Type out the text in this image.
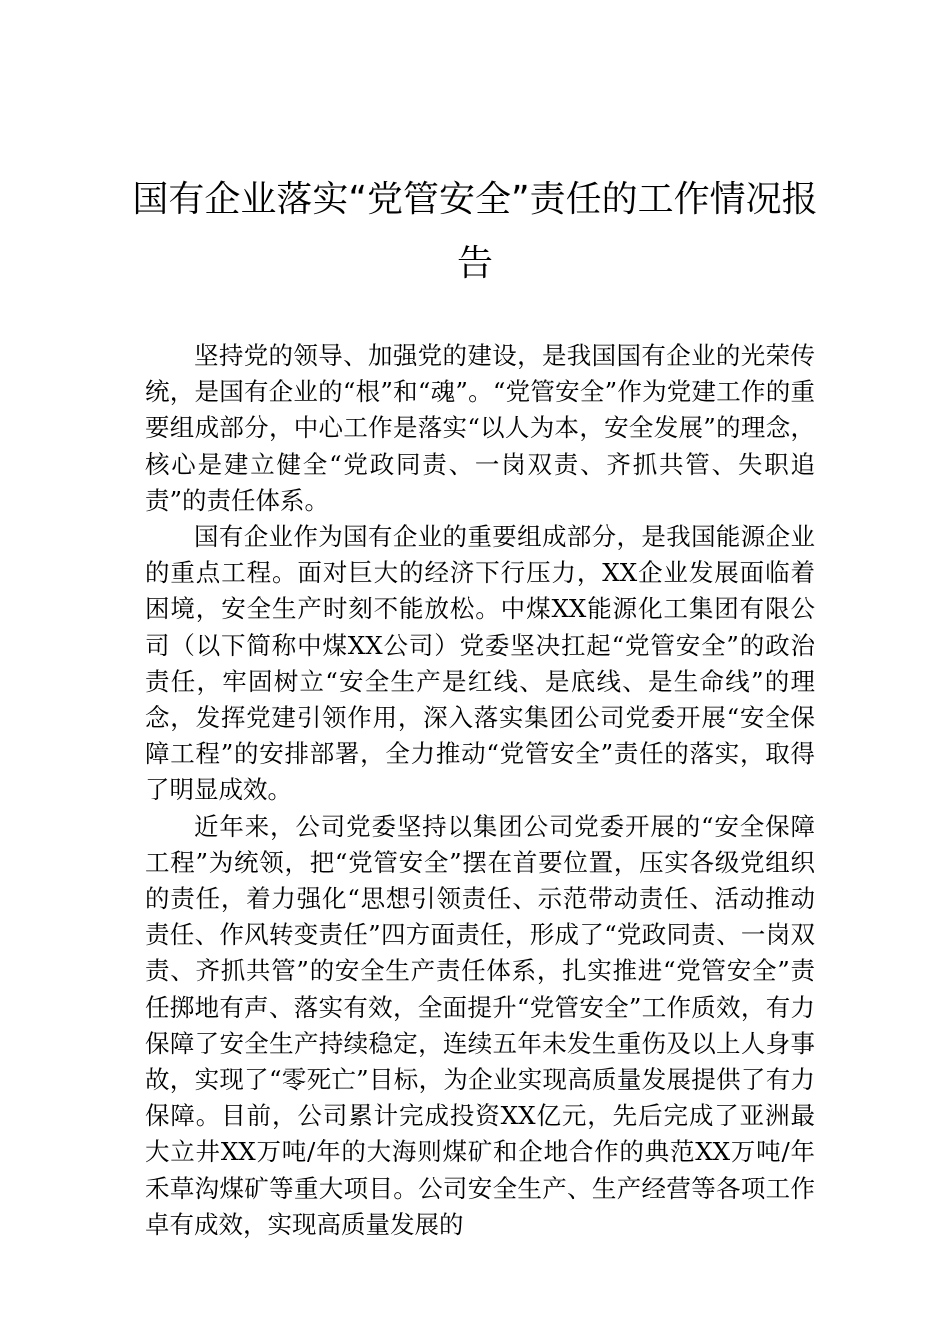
国有企业落实“党管安全”责任的工作情况报
告

坚持党的领导、加强党的建设，是我国国有企业的光荣传统，是国有企业的“根”和“魂”。“党管安全”作为党建工作的重要组成部分，中心工作是落实“以人为本，安全发展”的理念，核心是建立健全“党政同责、一岗双责、齐抓共管、失职追责”的责任体系。

国有企业作为国有企业的重要组成部分，是我国能源企业的重点工程。面对巨大的经济下行压力，XX企业发展面临着困境，安全生产时刻不能放松。中煤XX能源化工集团有限公司（以下简称中煤XX公司）党委坚决扛起“党管安全”的政治责任，牢固树立“安全生产是红线、是底线、是生命线”的理念，发挥党建引领作用，深入落实集团公司党委开展“安全保障工程”的安排部署，全力推动“党管安全”责任的落实，取得了明显成效。

近年来，公司党委坚持以集团公司党委开展的“安全保障工程”为统领，把“党管安全”摆在首要位置，压实各级党组织的责任，着力强化“思想引领责任、示范带动责任、活动推动责任、作风转变责任”四方面责任，形成了“党政同责、一岗双责、齐抓共管”的安全生产责任体系，扎实推进“党管安全”责任掷地有声、落实有效，全面提升“党管安全”工作质效，有力保障了安全生产持续稳定，连续五年未发生重伤及以上人身事故，实现了“零死亡”目标，为企业实现高质量发展提供了有力保障。目前，公司累计完成投资XX亿元，先后完成了亚洲最大立井XX万吨/年的大海则煤矿和企地合作的典范XX万吨/年禾草沟煤矿等重大项目。公司安全生产、生产经营等各项工作卓有成效，实现高质量发展的
